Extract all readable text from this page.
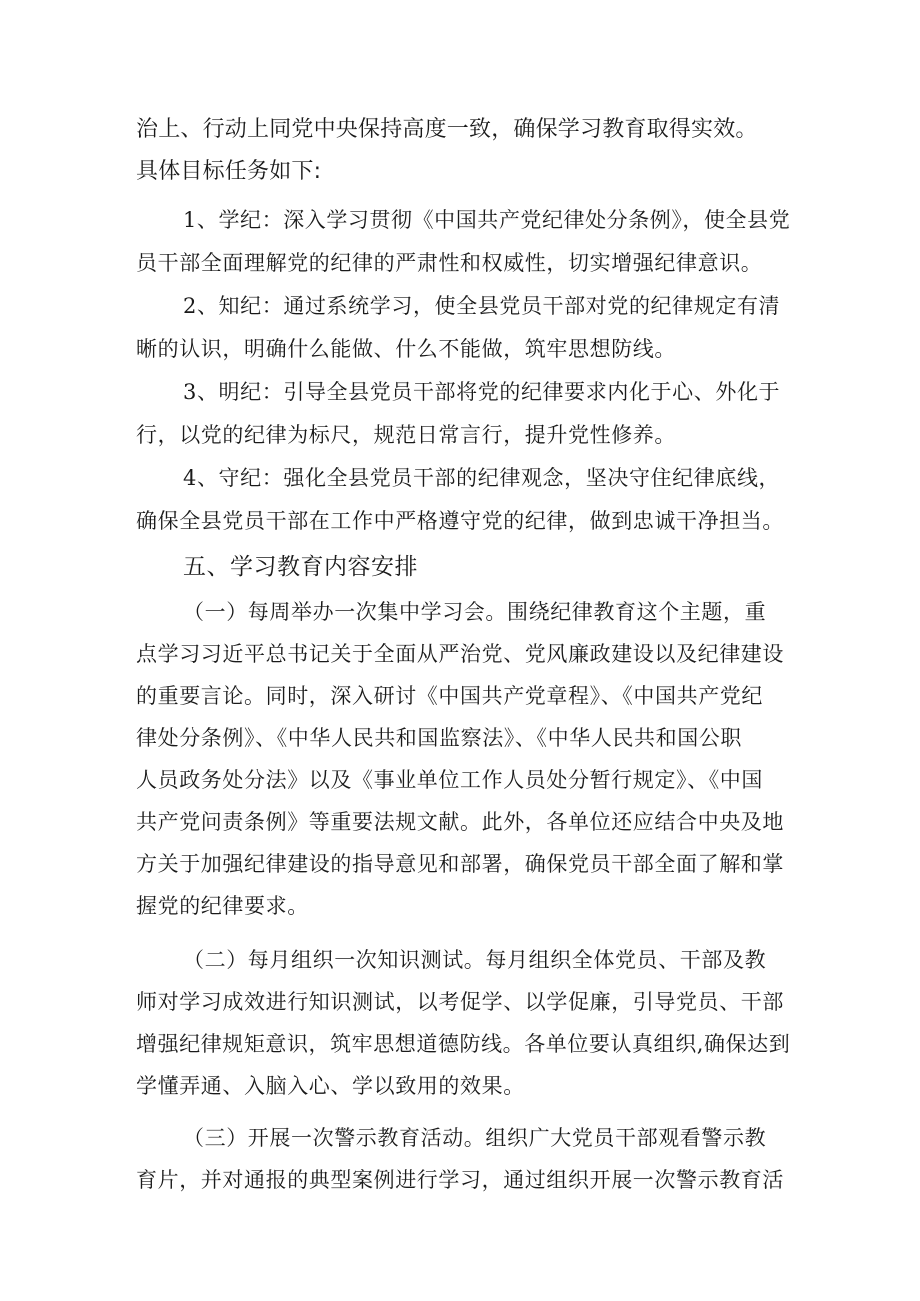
治上、行动上同党中央保持高度一致，确保学习教育取得实效。
具体目标任务如下:
1、学纪：深入学习贯彻《中国共产党纪律处分条例》，使全县党
员干部全面理解党的纪律的严肃性和权威性，切实增强纪律意识。
2、知纪：通过系统学习，使全县党员干部对党的纪律规定有清
晰的认识，明确什么能做、什么不能做，筑牢思想防线。
3、明纪：引导全县党员干部将党的纪律要求内化于心、外化于
行，以党的纪律为标尺，规范日常言行，提升党性修养。
4、守纪：强化全县党员干部的纪律观念，坚决守住纪律底线，
确保全县党员干部在工作中严格遵守党的纪律，做到忠诚干净担当。
五、学习教育内容安排
（一）每周举办一次集中学习会。围绕纪律教育这个主题，重
点学习习近平总书记关于全面从严治党、党风廉政建设以及纪律建设
的重要言论。同时，深入研讨《中国共产党章程》、《中国共产党纪
律处分条例》、《中华人民共和国监察法》、《中华人民共和国公职
人员政务处分法》以及《事业单位工作人员处分暂行规定》、《中国
共产党问责条例》等重要法规文献。此外，各单位还应结合中央及地
方关于加强纪律建设的指导意见和部署，确保党员干部全面了解和掌
握党的纪律要求。
（二）每月组织一次知识测试。每月组织全体党员、干部及教
师对学习成效进行知识测试，以考促学、以学促廉，引导党员、干部
增强纪律规矩意识，筑牢思想道德防线。各单位要认真组织,确保达到
学懂弄通、入脑入心、学以致用的效果。
（三）开展一次警示教育活动。组织广大党员干部观看警示教
育片，并对通报的典型案例进行学习，通过组织开展一次警示教育活
